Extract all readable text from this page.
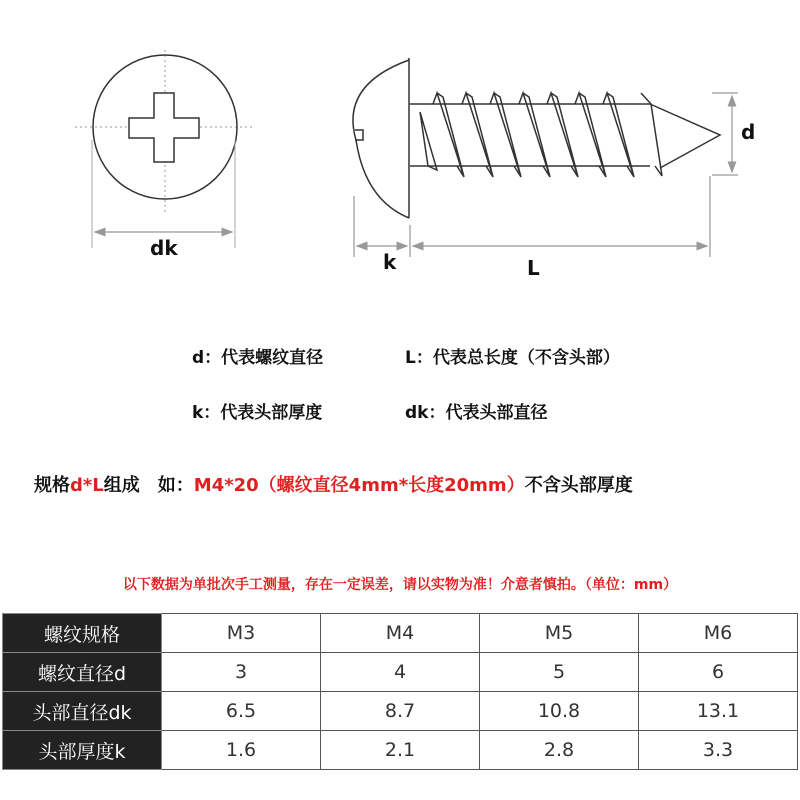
dk
k	L
d
d：代表螺纹直径	L：代表总长度（不含头部）
k：代表头部厚度	dk：代表头部直径
规格d*L组成　如：M4*20（螺纹直径4mm*长度20mm）不含头部厚度
以下数据为单批次手工测量，存在一定误差，请以实物为准！介意者慎拍。（单位：mm）
螺纹规格	M3	M4	M5	M6
螺纹直径d	3	4	5	6
头部直径dk	6.5	8.7	10.8	13.1
头部厚度k	1.6	2.1	2.8	3.3
